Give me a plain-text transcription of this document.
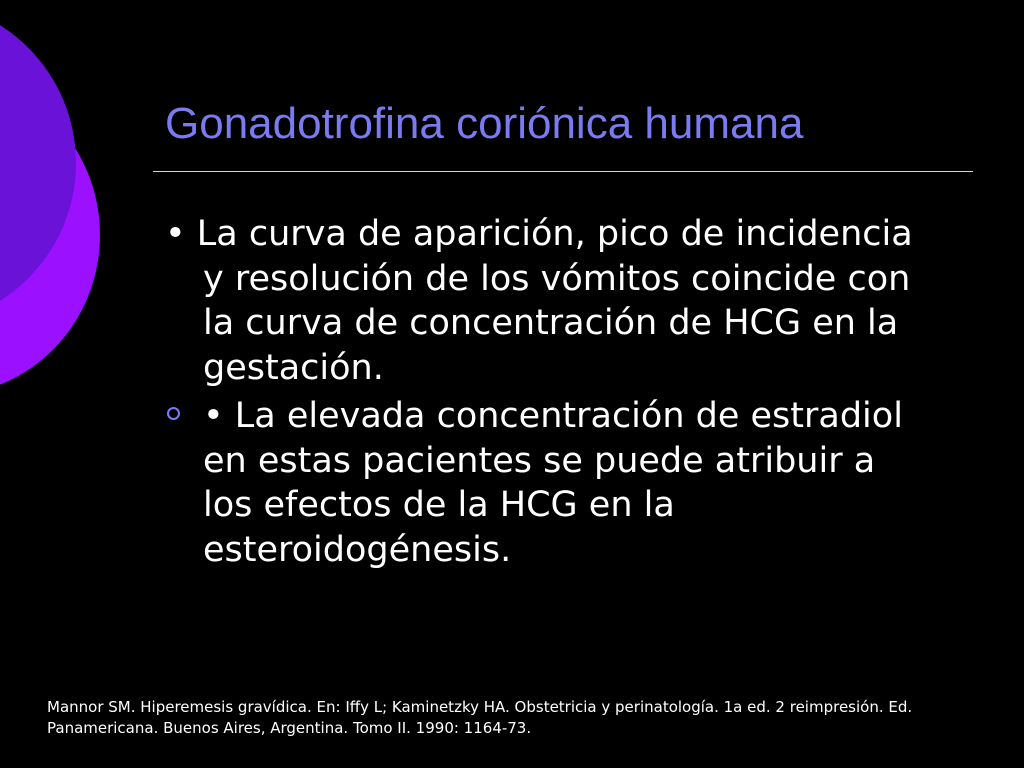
Gonadotrofina coriónica humana
• La curva de aparición, pico de incidencia y resolución de los vómitos coincide con la curva de concentración de HCG en la gestación.
• La elevada concentración de estradiol en estas pacientes se puede atribuir a los efectos de la HCG en la esteroidogénesis.

Mannor SM. Hiperemesis gravídica. En: Iffy L; Kaminetzky HA. Obstetricia y perinatología. 1a ed. 2 reimpresión. Ed. Panamericana. Buenos Aires, Argentina. Tomo II. 1990: 1164-73.
